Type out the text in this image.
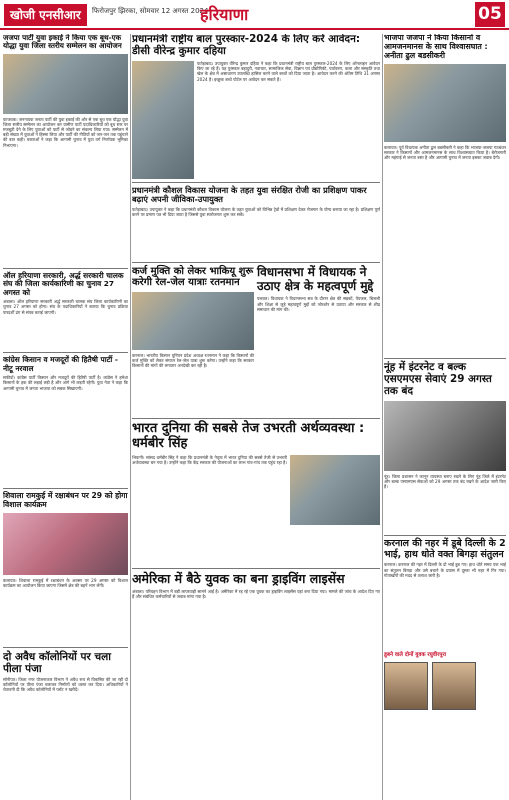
खोजी एनसीआर	फिरोजपुर झिरका, सोमवार 12 अगस्त 2024
हरियाणा	05
जजपा पार्टी युवा इकाई ने किया एक बूथ-एक योद्धा युवा जिला स्तरीय सम्मेलन का आयोजन
फ़ाजवक। जननायक जनता पार्टी की युवा इकाई की ओर से एक बूथ एक योद्धा युवा जिला स्तरीय सम्मेलन का आयोजन कर ग्रामीण पार्टी पदाधिकारियों को बूथ स्तर पर मजबूती देने के लिए युवाओं को पार्टी से जोड़ने का संकल्प लिया गया। सम्मेलन में बड़ी संख्या में युवाओं ने हिस्सा लिया और पार्टी की नीतियों को जन-जन तक पहुंचाने की बात कही। वक्ताओं ने कहा कि आगामी चुनाव में युवा वर्ग निर्णायक भूमिका निभाएगा।
ऑल हरियाणा सरकारी, अर्द्ध सरकारी चालक संघ की जिला कार्यकारिणी का चुनाव 27 अगस्त को
अंबाला। ऑल हरियाणा सरकारी अर्द्ध सरकारी चालक संघ जिला कार्यकारिणी का चुनाव 27 अगस्त को होगा। संघ के पदाधिकारियों ने बताया कि चुनाव प्रक्रिया पारदर्शी ढंग से संपन्न कराई जाएगी।
कांग्रेस किसान व मजदूरों की हितैषी पार्टी - नीटू नरवाल
सफीदों। कांग्रेस पार्टी किसान और मजदूरों की हितैषी पार्टी है। कांग्रेस ने हमेशा किसानों के हक की लड़ाई लड़ी है और आगे भी लड़ती रहेगी। युवा नेता ने कहा कि आगामी चुनाव में जनता भाजपा को सबक सिखाएगी।
शिवाला रामकुई में रक्षाबंधन पर 29 को होगा विशाल कार्यक्रम
कलायत। शिवाला रामकुई में रक्षाबंधन के अवसर पर 29 अगस्त को विशाल कार्यक्रम का आयोजन किया जाएगा जिसमें क्षेत्र की बहनें भाग लेंगी।
दो अवैध कॉलोनियों पर चला पीला पंजा
सोनीपत। जिला नगर योजनाकार विभाग ने अवैध रूप से विकसित की जा रही दो कॉलोनियों पर पीला पंजा चलाकर निर्माणों को ध्वस्त कर दिया। अधिकारियों ने चेतावनी दी कि अवैध कॉलोनियों में प्लॉट न खरीदें।
प्रधानमंत्री राष्ट्रीय बाल पुरस्कार-2024 के लिए करें आवेदन: डीसी वीरेन्द्र कुमार दहिया
फतेहाबाद। उपायुक्त वीरेन्द्र कुमार दहिया ने कहा कि प्रधानमंत्री राष्ट्रीय बाल पुरस्कार-2024 के लिए ऑनलाइन आवेदन किए जा रहे हैं। यह पुरस्कार बहादुरी, नवाचार, सामाजिक सेवा, विज्ञान एवं प्रौद्योगिकी, पर्यावरण, कला और संस्कृति तथा खेल के क्षेत्र में असाधारण उपलब्धि हासिल करने वाले बच्चों को दिया जाता है। आवेदन करने की अंतिम तिथि 31 अगस्त 2024 है। इच्छुक बच्चे पोर्टल पर आवेदन कर सकते हैं।
प्रधानमंत्री कौशल विकास योजना के तहत युवा संरक्षित रोजी का प्रशिक्षण पाकर बढ़ाएं अपनी जीविका-उपायुक्त
फतेहाबाद। उपायुक्त ने कहा कि प्रधानमंत्री कौशल विकास योजना के तहत युवाओं को विभिन्न ट्रेडों में प्रशिक्षण देकर रोजगार के योग्य बनाया जा रहा है। प्रशिक्षण पूर्ण करने पर प्रमाण पत्र भी दिया जाता है जिससे युवा स्वरोजगार शुरू कर सकें।
कर्ज मुक्ति को लेकर भाकियू शुरू करेगी रेल-जेल यात्राः रतनमान
करनाल। भारतीय किसान यूनियन प्रदेश अध्यक्ष रतनमान ने कहा कि किसानों की कर्ज मुक्ति को लेकर संगठन रेल-जेल यात्रा शुरू करेगा। उन्होंने कहा कि सरकार किसानों की मांगों की लगातार अनदेखी कर रही है।
विधानसभा में विधायक ने उठाए क्षेत्र के महत्वपूर्ण मुद्दे
पलवल। विधायक ने विधानसभा सत्र के दौरान क्षेत्र की सड़कों, पेयजल, बिजली और शिक्षा से जुड़े महत्वपूर्ण मुद्दों को जोरशोर से उठाया और सरकार से शीघ्र समाधान की मांग की।
भारत दुनिया की सबसे तेज उभरती अर्थव्यवस्था : धर्मबीर सिंह
भिवानी। सांसद धर्मबीर सिंह ने कहा कि प्रधानमंत्री के नेतृत्व में भारत दुनिया की सबसे तेजी से उभरती अर्थव्यवस्था बन गया है। उन्होंने कहा कि केंद्र सरकार की योजनाओं का लाभ गांव-गांव तक पहुंच रहा है।
अमेरिका में बैठे युवक का बना ड्राइविंग लाइसेंस
अंबाला। परिवहन विभाग में बड़ी लापरवाही सामने आई है। अमेरिका में रह रहे एक युवक का ड्राइविंग लाइसेंस यहां बना दिया गया। मामले की जांच के आदेश दिए गए हैं और संबंधित कर्मचारियों से जवाब मांगा गया है।
भाजपा जजपा ने किया किसानों व आमजनमानस के साथ विश्वासघात : अनीता ढुल बडसीकरी
कलायत। पूर्व विधायक अनीता ढुल बडसीकरी ने कहा कि भाजपा-जजपा गठबंधन सरकार ने किसानों और आमजनमानस के साथ विश्वासघात किया है। बेरोजगारी और महंगाई से जनता त्रस्त है और आगामी चुनाव में जनता इसका जवाब देगी।
नूंह में इंटरनेट व बल्क एसएमएस सेवाएं 29 अगस्त तक बंद
नूंह। जिला प्रशासन ने कानून व्यवस्था बनाए रखने के लिए नूंह जिले में इंटरनेट और बल्क एसएमएस सेवाओं को 29 अगस्त तक बंद रखने के आदेश जारी किए हैं।
करनाल की नहर में डूबे दिल्ली के 2 भाई, हाथ धोते वक्त बिगड़ा संतुलन
करनाल। करनाल की नहर में दिल्ली के दो भाई डूब गए। हाथ धोते समय एक भाई का संतुलन बिगड़ा और उसे बचाने के प्रयास में दूसरा भी नहर में गिर गया। गोताखोरों की मदद से तलाश जारी है।
डूबने वाले दोनों युवक रघुवीरपुरा
